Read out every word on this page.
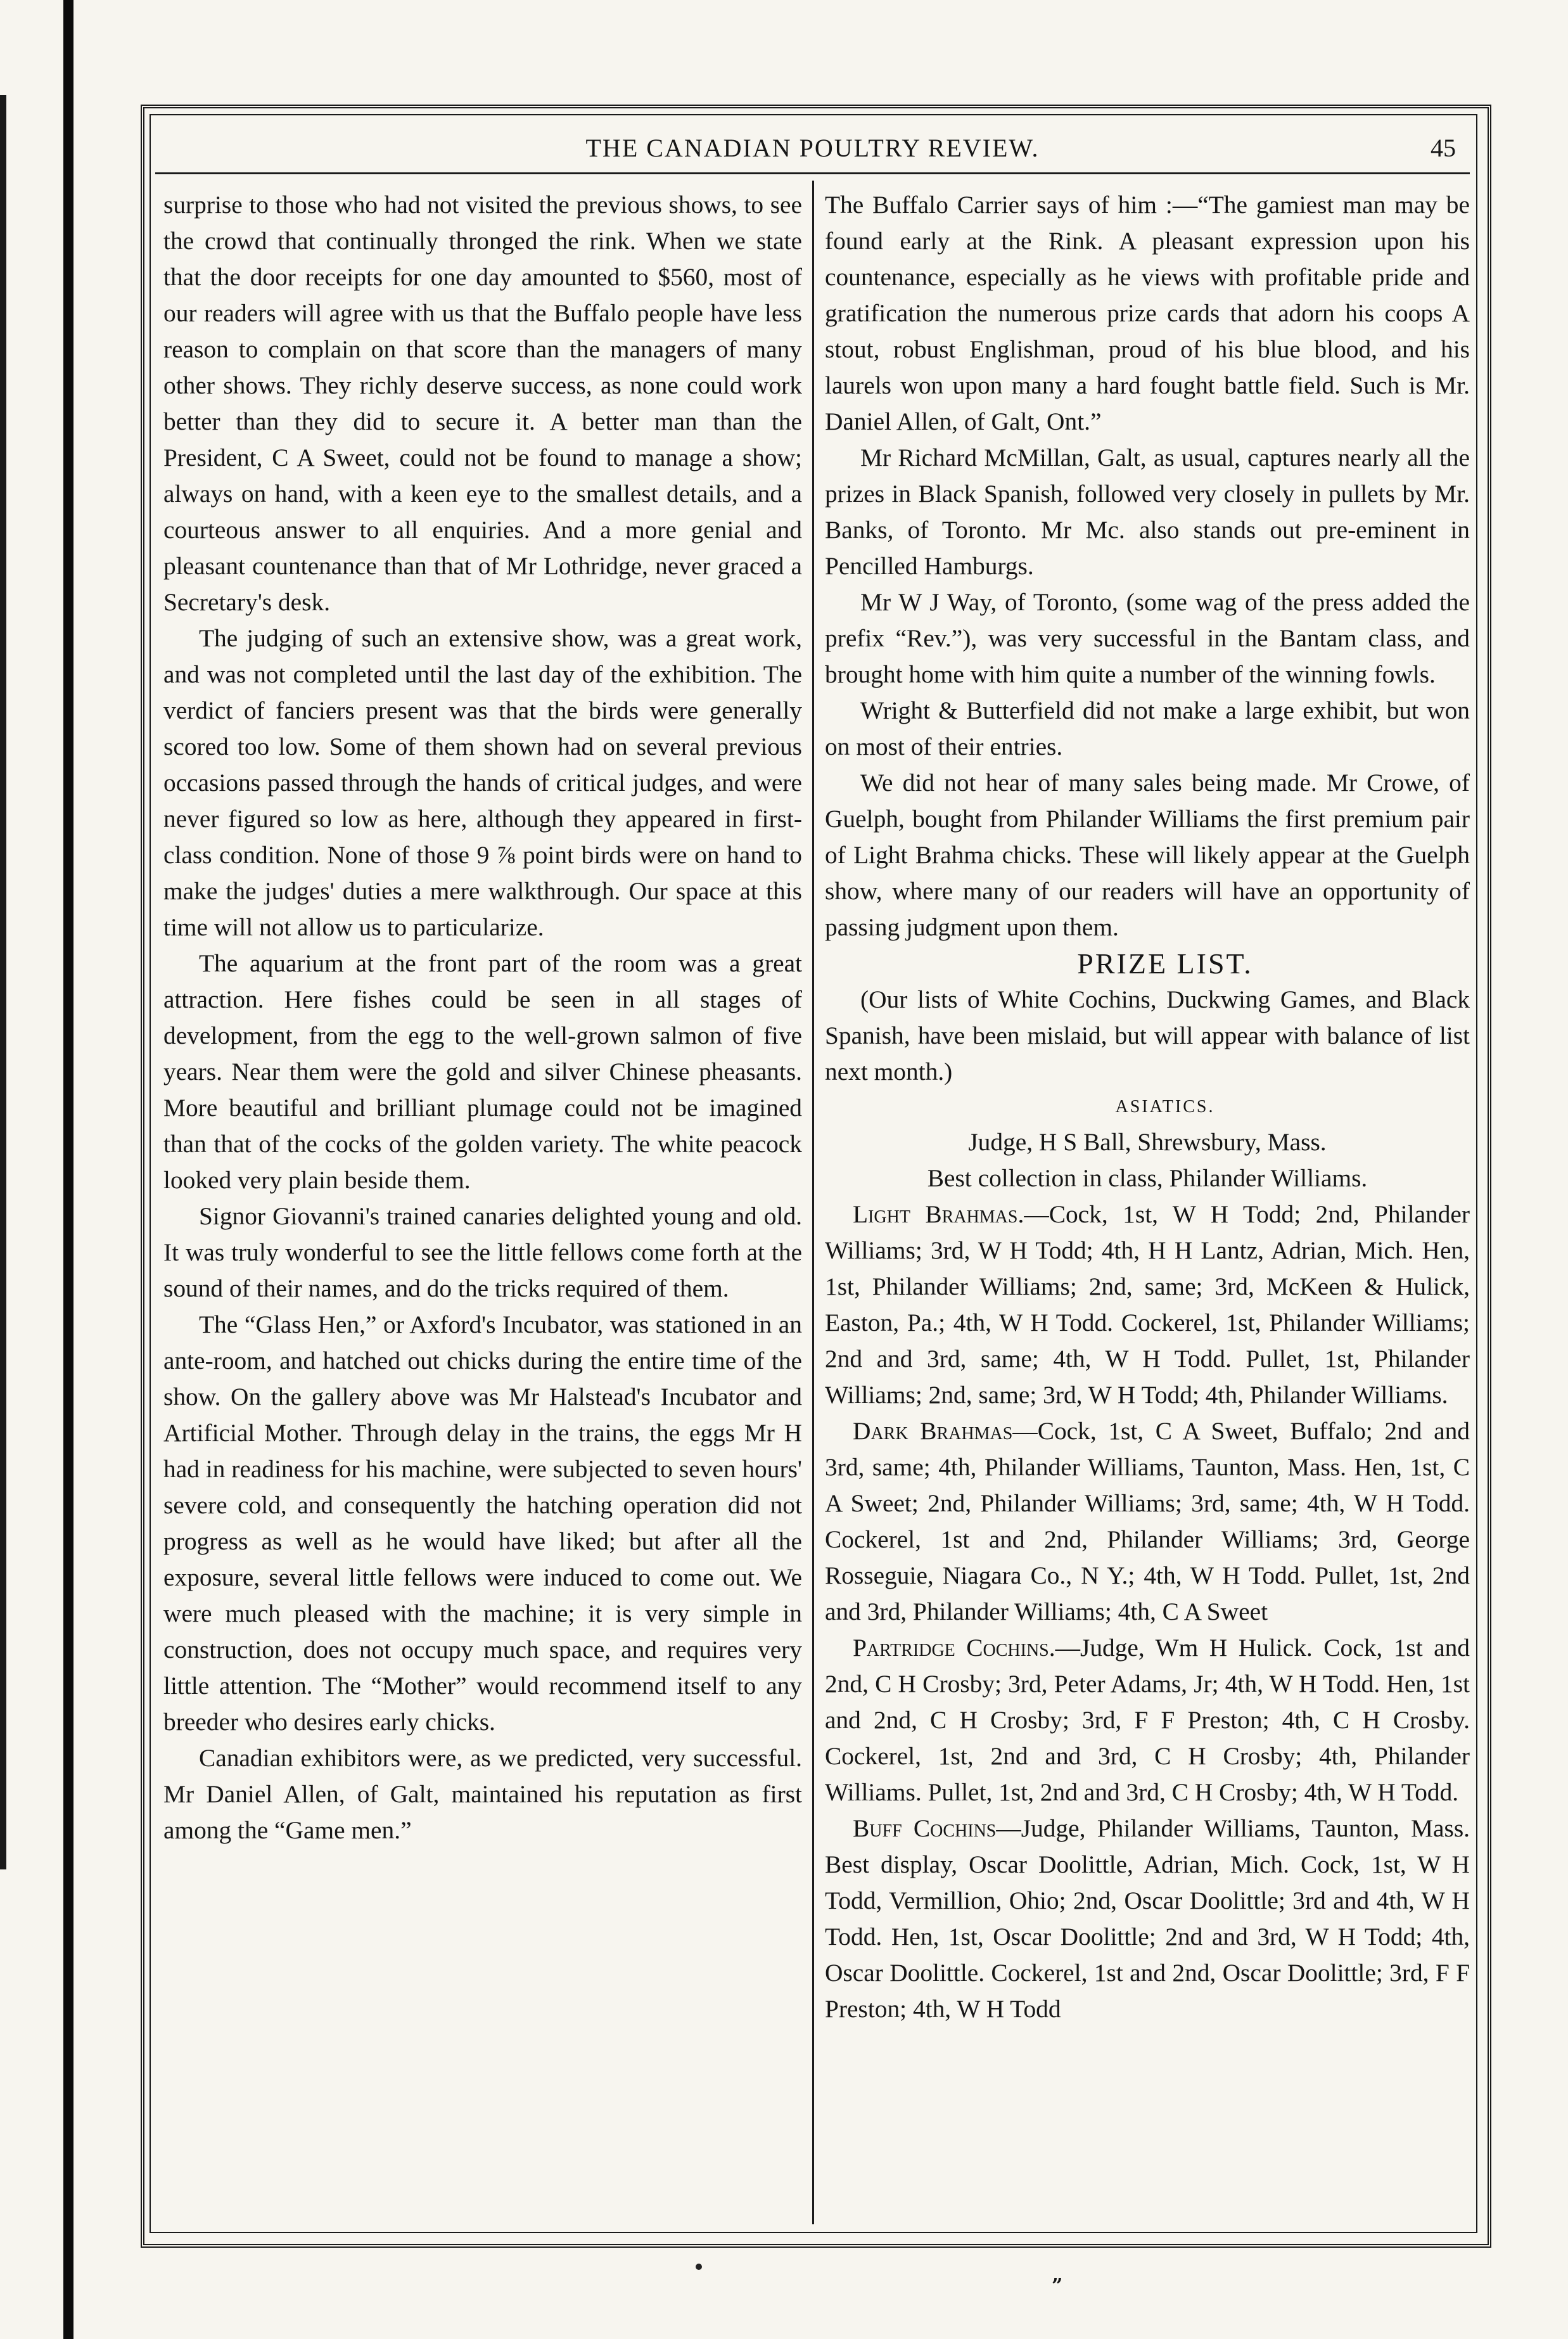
THE CANADIAN POULTRY REVIEW.	45

surprise to those who had not visited the previous shows, to see the crowd that continually thronged the rink. When we state that the door receipts for one day amounted to $560, most of our readers will agree with us that the Buffalo people have less reason to complain on that score than the managers of many other shows. They richly deserve success, as none could work better than they did to secure it. A better man than the President, C A Sweet, could not be found to manage a show; always on hand, with a keen eye to the smallest details, and a courteous answer to all enquiries. And a more genial and pleasant countenance than that of Mr Lothridge, never graced a Secretary's desk.

The judging of such an extensive show, was a great work, and was not completed until the last day of the exhibition. The verdict of fanciers present was that the birds were generally scored too low. Some of them shown had on several previous occasions passed through the hands of critical judges, and were never figured so low as here, although they appeared in first-class condition. None of those 9 ⅞ point birds were on hand to make the judges' duties a mere walkthrough. Our space at this time will not allow us to particularize.

The aquarium at the front part of the room was a great attraction. Here fishes could be seen in all stages of development, from the egg to the well-grown salmon of five years. Near them were the gold and silver Chinese pheasants. More beautiful and brilliant plumage could not be imagined than that of the cocks of the golden variety. The white peacock looked very plain beside them.

Signor Giovanni's trained canaries delighted young and old. It was truly wonderful to see the little fellows come forth at the sound of their names, and do the tricks required of them.

The “Glass Hen,” or Axford's Incubator, was stationed in an ante-room, and hatched out chicks during the entire time of the show. On the gallery above was Mr Halstead's Incubator and Artificial Mother. Through delay in the trains, the eggs Mr H had in readiness for his machine, were subjected to seven hours' severe cold, and consequently the hatching operation did not progress as well as he would have liked; but after all the exposure, several little fellows were induced to come out. We were much pleased with the machine; it is very simple in construction, does not occupy much space, and requires very little attention. The “Mother” would recommend itself to any breeder who desires early chicks.

Canadian exhibitors were, as we predicted, very successful. Mr Daniel Allen, of Galt, maintained his reputation as first among the “Game men.”

The Buffalo Carrier says of him :—“The gamiest man may be found early at the Rink. A pleasant expression upon his countenance, especially as he views with profitable pride and gratification the numerous prize cards that adorn his coops A stout, robust Englishman, proud of his blue blood, and his laurels won upon many a hard fought battle field. Such is Mr. Daniel Allen, of Galt, Ont.”

Mr Richard McMillan, Galt, as usual, captures nearly all the prizes in Black Spanish, followed very closely in pullets by Mr. Banks, of Toronto. Mr Mc. also stands out pre-eminent in Pencilled Hamburgs.

Mr W J Way, of Toronto, (some wag of the press added the prefix “Rev.”), was very successful in the Bantam class, and brought home with him quite a number of the winning fowls.

Wright & Butterfield did not make a large exhibit, but won on most of their entries.

We did not hear of many sales being made. Mr Crowe, of Guelph, bought from Philander Williams the first premium pair of Light Brahma chicks. These will likely appear at the Guelph show, where many of our readers will have an opportunity of passing judgment upon them.

PRIZE LIST.

(Our lists of White Cochins, Duckwing Games, and Black Spanish, have been mislaid, but will appear with balance of list next month.)

ASIATICS.

Judge, H S Ball, Shrewsbury, Mass.

Best collection in class, Philander Williams.

Light Brahmas.—Cock, 1st, W H Todd; 2nd, Philander Williams; 3rd, W H Todd; 4th, H H Lantz, Adrian, Mich. Hen, 1st, Philander Williams; 2nd, same; 3rd, McKeen & Hulick, Easton, Pa.; 4th, W H Todd. Cockerel, 1st, Philander Williams; 2nd and 3rd, same; 4th, W H Todd. Pullet, 1st, Philander Williams; 2nd, same; 3rd, W H Todd; 4th, Philander Williams.

Dark Brahmas—Cock, 1st, C A Sweet, Buffalo; 2nd and 3rd, same; 4th, Philander Williams, Taunton, Mass. Hen, 1st, C A Sweet; 2nd, Philander Williams; 3rd, same; 4th, W H Todd. Cockerel, 1st and 2nd, Philander Williams; 3rd, George Rosseguie, Niagara Co., N Y.; 4th, W H Todd. Pullet, 1st, 2nd and 3rd, Philander Williams; 4th, C A Sweet

Partridge Cochins.—Judge, Wm H Hulick. Cock, 1st and 2nd, C H Crosby; 3rd, Peter Adams, Jr; 4th, W H Todd. Hen, 1st and 2nd, C H Crosby; 3rd, F F Preston; 4th, C H Crosby. Cockerel, 1st, 2nd and 3rd, C H Crosby; 4th, Philander Williams. Pullet, 1st, 2nd and 3rd, C H Crosby; 4th, W H Todd.

Buff Cochins—Judge, Philander Williams, Taunton, Mass. Best display, Oscar Doolittle, Adrian, Mich. Cock, 1st, W H Todd, Vermillion, Ohio; 2nd, Oscar Doolittle; 3rd and 4th, W H Todd. Hen, 1st, Oscar Doolittle; 2nd and 3rd, W H Todd; 4th, Oscar Doolittle. Cockerel, 1st and 2nd, Oscar Doolittle; 3rd, F F Preston; 4th, W H Todd

”
